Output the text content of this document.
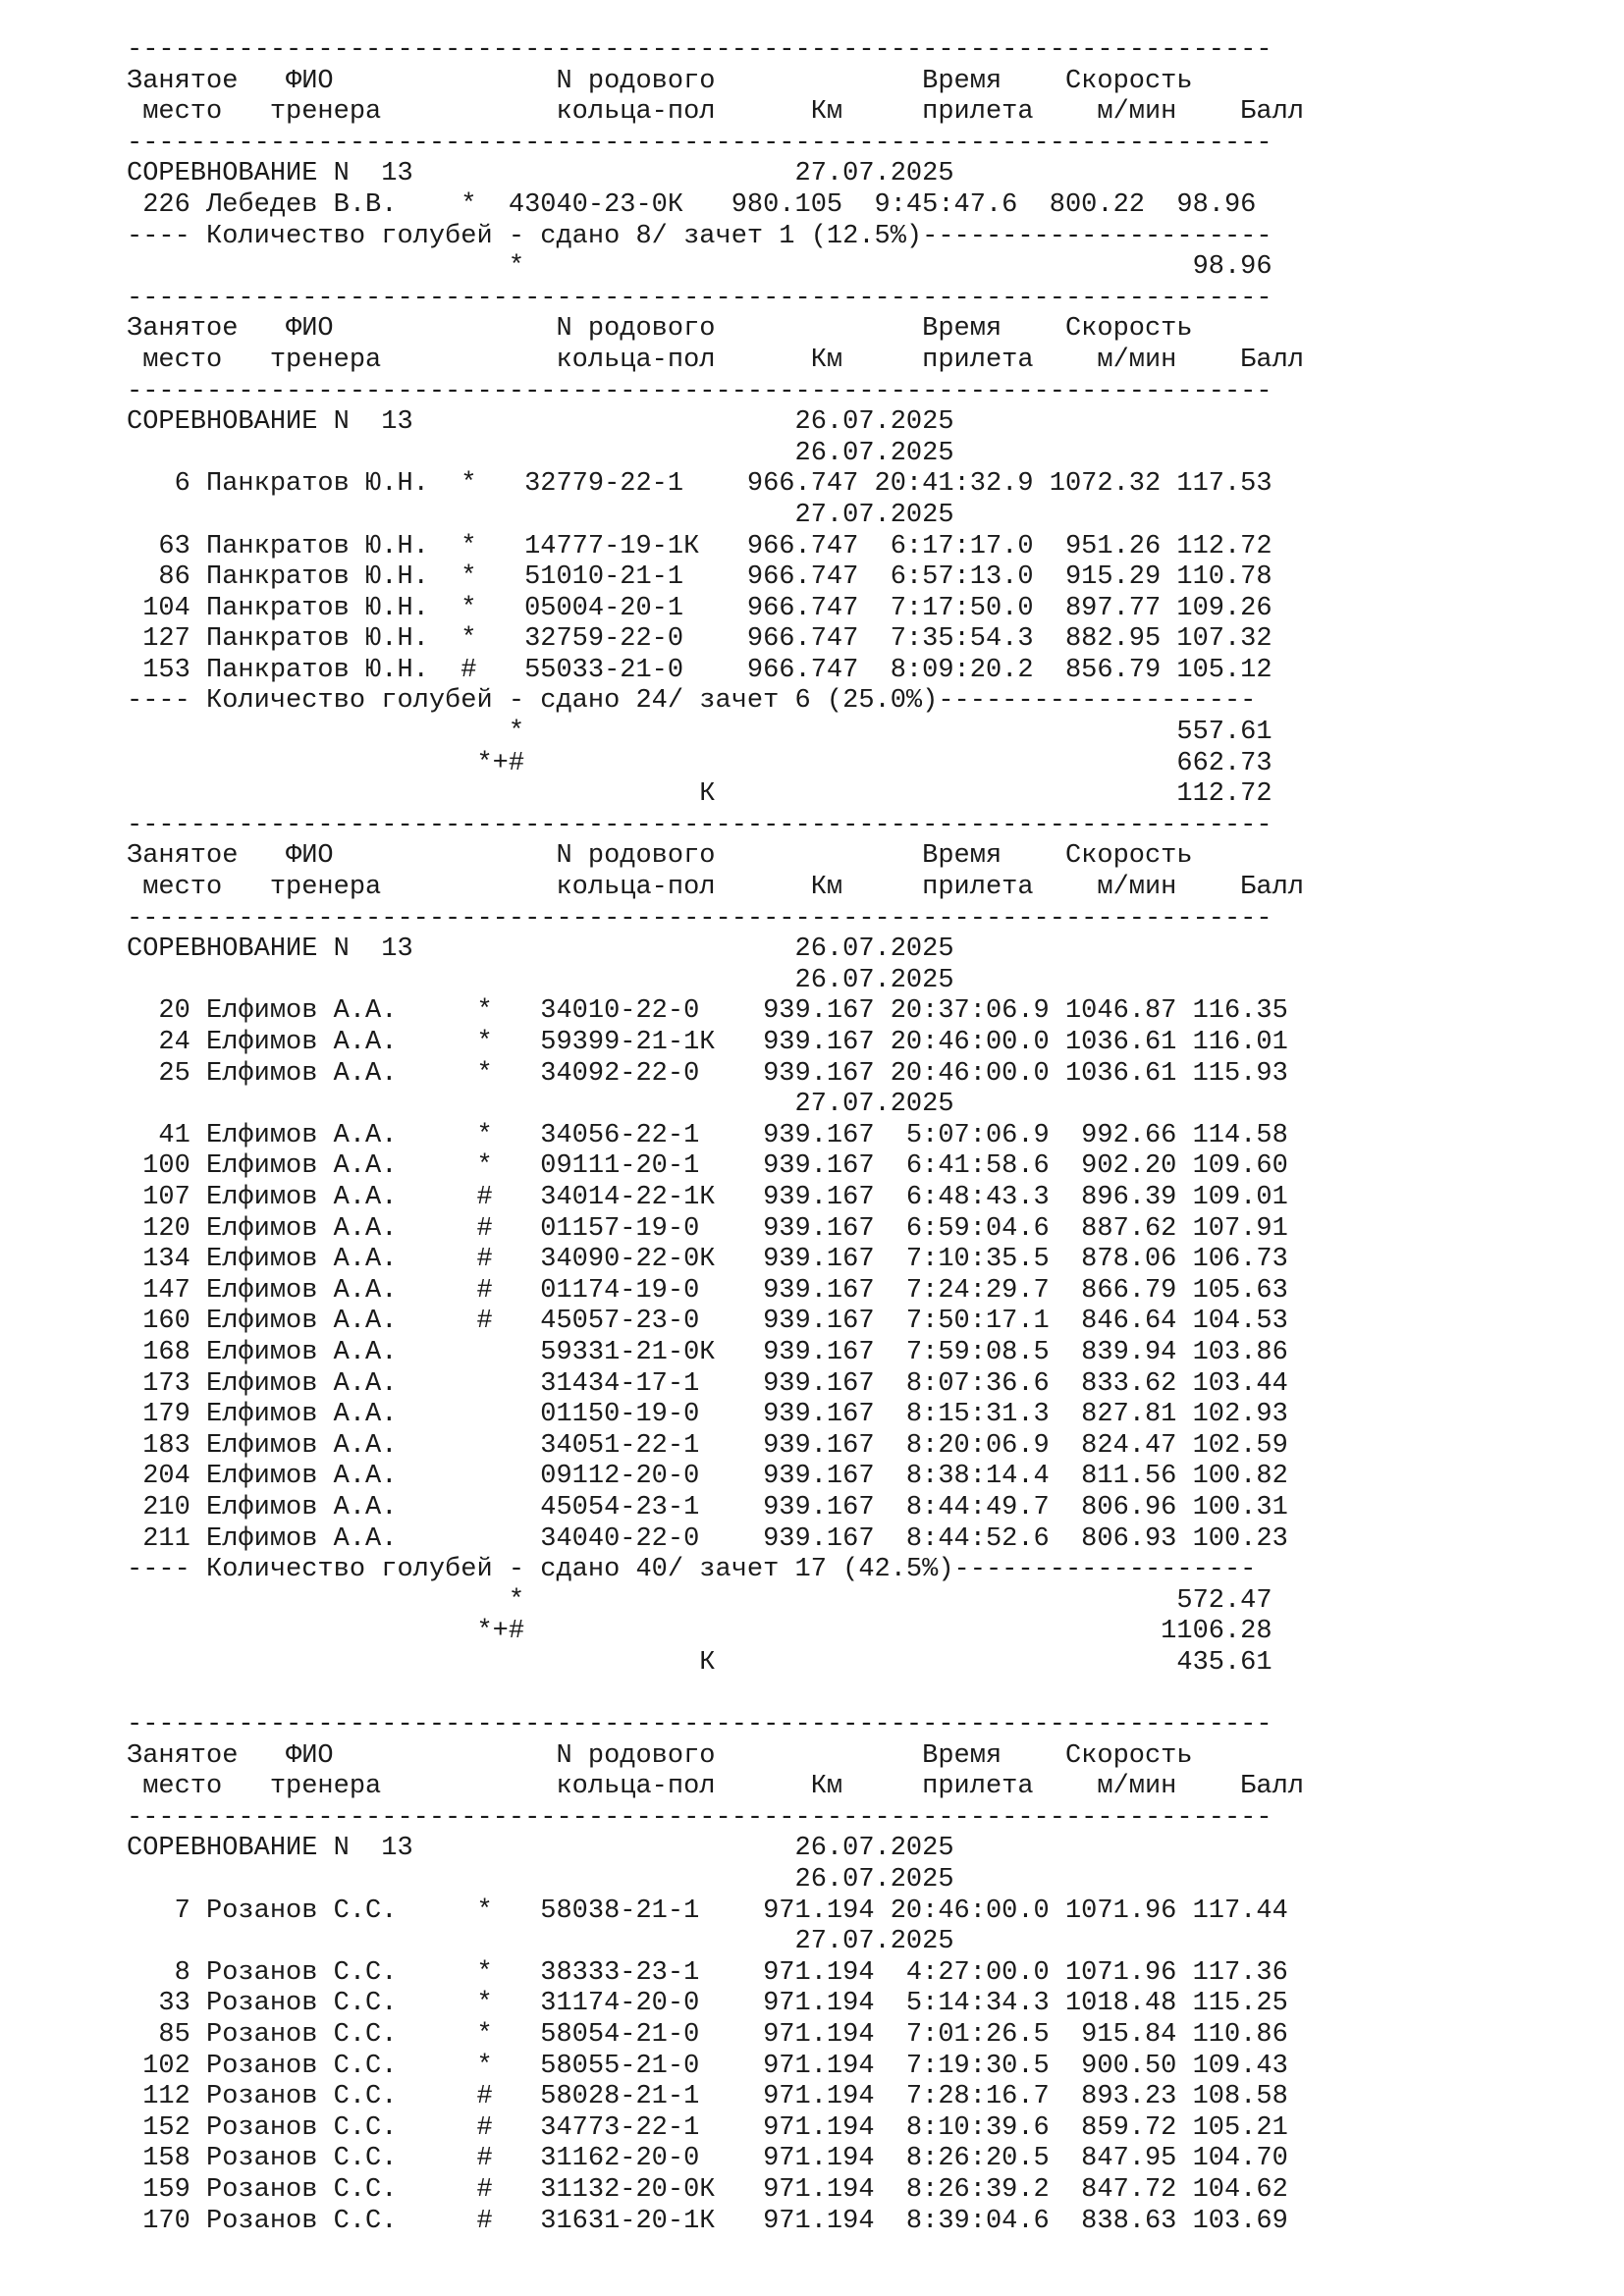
------------------------------------------------------------------------
Занятое   ФИО              N родового             Время    Скорость
место   тренера           кольца-пол      Км     прилета    м/мин    Балл
------------------------------------------------------------------------
СОРЕВНОВАНИЕ N  13                        27.07.2025
226 Лебедев В.В.    *  43040-23-0К   980.105  9:45:47.6  800.22  98.96
---- Количество голубей - сдано 8/ зачет 1 (12.5%)----------------------
*                                          98.96
------------------------------------------------------------------------
Занятое   ФИО              N родового             Время    Скорость
место   тренера           кольца-пол      Км     прилета    м/мин    Балл
------------------------------------------------------------------------
СОРЕВНОВАНИЕ N  13                        26.07.2025
26.07.2025
6 Панкратов Ю.Н.  *   32779-22-1    966.747 20:41:32.9 1072.32 117.53
27.07.2025
63 Панкратов Ю.Н.  *   14777-19-1К   966.747  6:17:17.0  951.26 112.72
86 Панкратов Ю.Н.  *   51010-21-1    966.747  6:57:13.0  915.29 110.78
104 Панкратов Ю.Н.  *   05004-20-1    966.747  7:17:50.0  897.77 109.26
127 Панкратов Ю.Н.  *   32759-22-0    966.747  7:35:54.3  882.95 107.32
153 Панкратов Ю.Н.  #   55033-21-0    966.747  8:09:20.2  856.79 105.12
---- Количество голубей - сдано 24/ зачет 6 (25.0%)--------------------
*                                         557.61
*+#                                         662.73
К                             112.72
------------------------------------------------------------------------
Занятое   ФИО              N родового             Время    Скорость
место   тренера           кольца-пол      Км     прилета    м/мин    Балл
------------------------------------------------------------------------
СОРЕВНОВАНИЕ N  13                        26.07.2025
26.07.2025
20 Елфимов А.А.     *   34010-22-0    939.167 20:37:06.9 1046.87 116.35
24 Елфимов А.А.     *   59399-21-1К   939.167 20:46:00.0 1036.61 116.01
25 Елфимов А.А.     *   34092-22-0    939.167 20:46:00.0 1036.61 115.93
27.07.2025
41 Елфимов А.А.     *   34056-22-1    939.167  5:07:06.9  992.66 114.58
100 Елфимов А.А.     *   09111-20-1    939.167  6:41:58.6  902.20 109.60
107 Елфимов А.А.     #   34014-22-1К   939.167  6:48:43.3  896.39 109.01
120 Елфимов А.А.     #   01157-19-0    939.167  6:59:04.6  887.62 107.91
134 Елфимов А.А.     #   34090-22-0К   939.167  7:10:35.5  878.06 106.73
147 Елфимов А.А.     #   01174-19-0    939.167  7:24:29.7  866.79 105.63
160 Елфимов А.А.     #   45057-23-0    939.167  7:50:17.1  846.64 104.53
168 Елфимов А.А.         59331-21-0К   939.167  7:59:08.5  839.94 103.86
173 Елфимов А.А.         31434-17-1    939.167  8:07:36.6  833.62 103.44
179 Елфимов А.А.         01150-19-0    939.167  8:15:31.3  827.81 102.93
183 Елфимов А.А.         34051-22-1    939.167  8:20:06.9  824.47 102.59
204 Елфимов А.А.         09112-20-0    939.167  8:38:14.4  811.56 100.82
210 Елфимов А.А.         45054-23-1    939.167  8:44:49.7  806.96 100.31
211 Елфимов А.А.         34040-22-0    939.167  8:44:52.6  806.93 100.23
---- Количество голубей - сдано 40/ зачет 17 (42.5%)-------------------
*                                         572.47
*+#                                        1106.28
К                             435.61
------------------------------------------------------------------------
Занятое   ФИО              N родового             Время    Скорость
место   тренера           кольца-пол      Км     прилета    м/мин    Балл
------------------------------------------------------------------------
СОРЕВНОВАНИЕ N  13                        26.07.2025
26.07.2025
7 Розанов С.С.     *   58038-21-1    971.194 20:46:00.0 1071.96 117.44
27.07.2025
8 Розанов С.С.     *   38333-23-1    971.194  4:27:00.0 1071.96 117.36
33 Розанов С.С.     *   31174-20-0    971.194  5:14:34.3 1018.48 115.25
85 Розанов С.С.     *   58054-21-0    971.194  7:01:26.5  915.84 110.86
102 Розанов С.С.     *   58055-21-0    971.194  7:19:30.5  900.50 109.43
112 Розанов С.С.     #   58028-21-1    971.194  7:28:16.7  893.23 108.58
152 Розанов С.С.     #   34773-22-1    971.194  8:10:39.6  859.72 105.21
158 Розанов С.С.     #   31162-20-0    971.194  8:26:20.5  847.95 104.70
159 Розанов С.С.     #   31132-20-0К   971.194  8:26:39.2  847.72 104.62
170 Розанов С.С.     #   31631-20-1К   971.194  8:39:04.6  838.63 103.69
